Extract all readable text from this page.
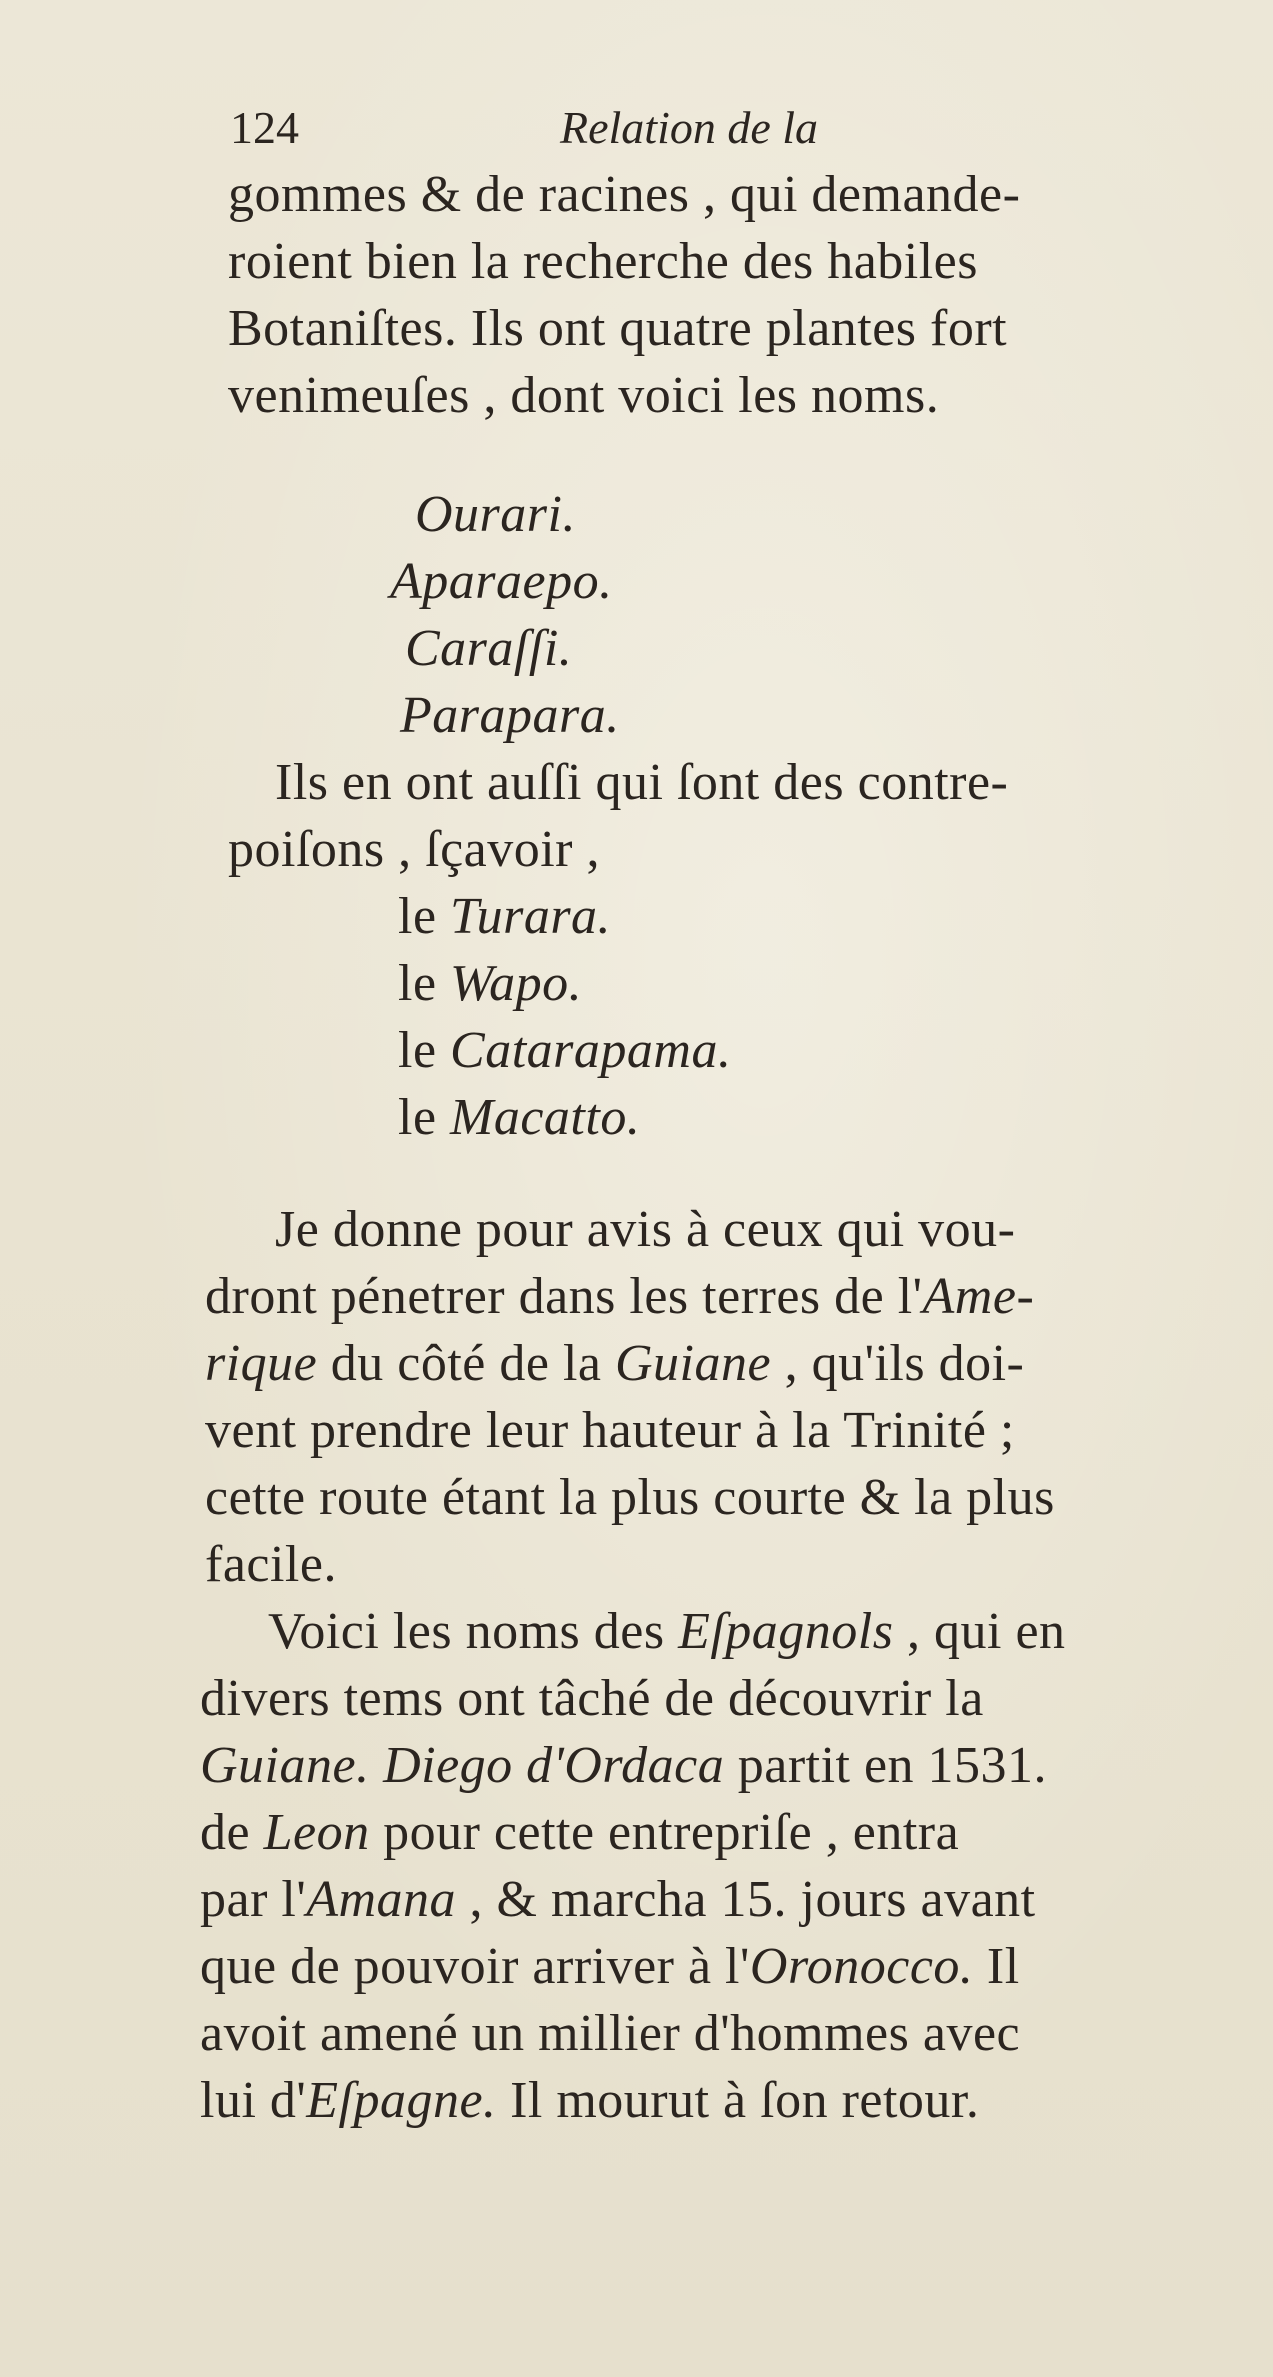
124	Relation de la
gommes & de racines , qui demande-
roient bien la recherche des habiles
Botaniſtes. Ils ont quatre plantes fort
venimeuſes , dont voici les noms.
Ourari.
Aparaepo.
Caraſſi.
Parapara.
Ils en ont auſſi qui ſont des contre-
poiſons , ſçavoir ,
le Turara.
le Wapo.
le Catarapama.
le Macatto.
Je donne pour avis à ceux qui vou-
dront pénetrer dans les terres de l'Ame-
rique du côté de la Guiane , qu'ils doi-
vent prendre leur hauteur à la Trinité ;
cette route étant la plus courte & la plus
facile.
Voici les noms des Eſpagnols , qui en
divers tems ont tâché de découvrir la
Guiane. Diego d'Ordaca partit en 1531.
de Leon pour cette entrepriſe , entra
par l'Amana , & marcha 15. jours avant
que de pouvoir arriver à l'Oronocco. Il
avoit amené un millier d'hommes avec
lui d'Eſpagne. Il mourut à ſon retour.
